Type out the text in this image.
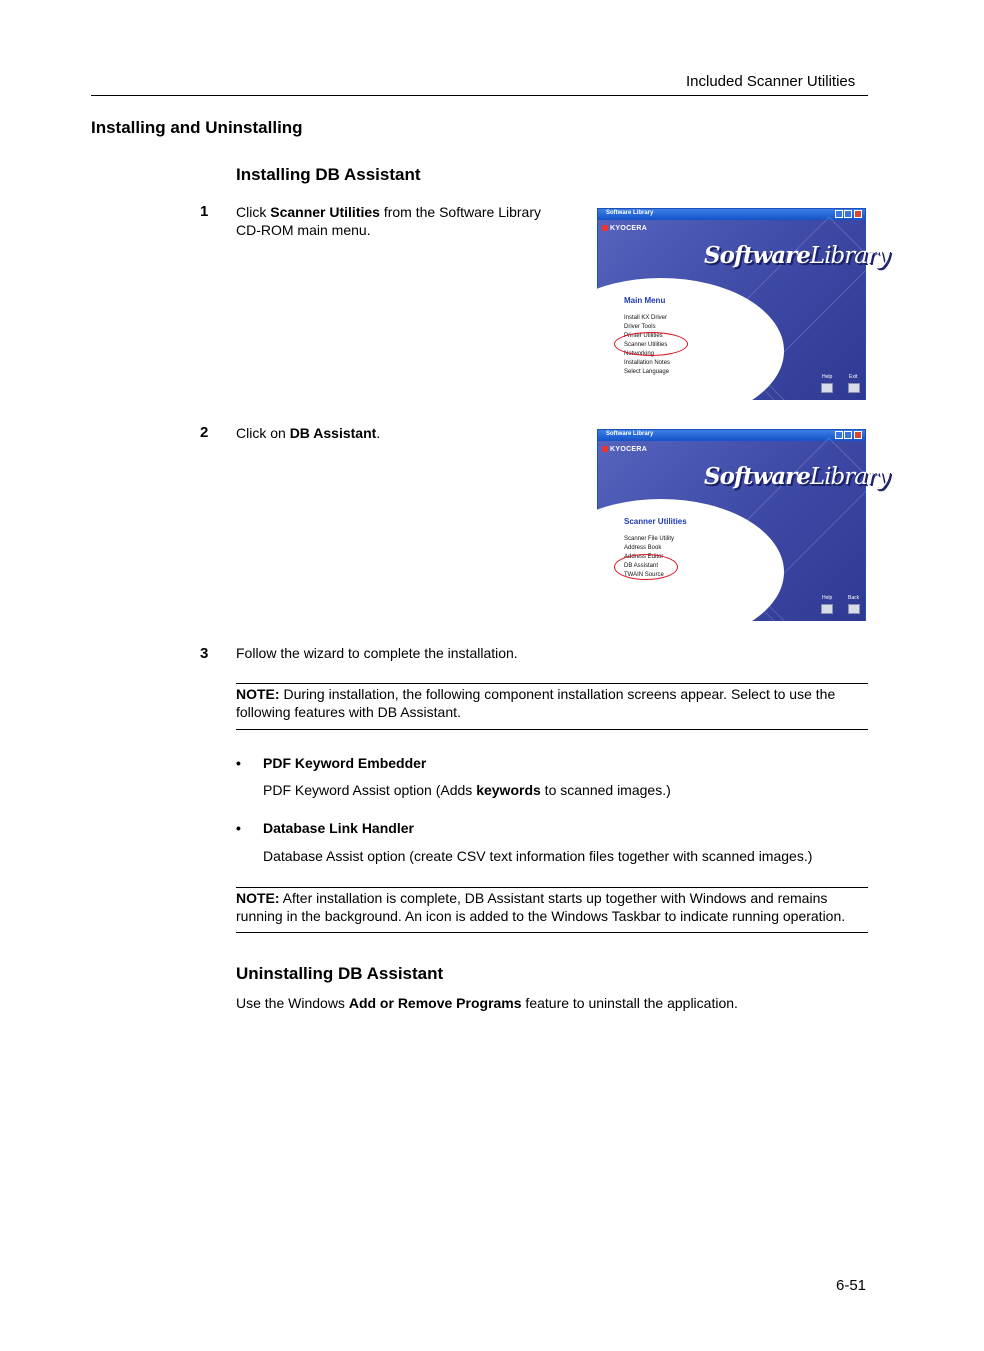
Included Scanner Utilities
Installing and Uninstalling
Installing DB Assistant
1 Click Scanner Utilities from the Software Library CD-ROM main menu.
Software Library
KYOCERA
SoftwareLibrary
Main Menu
Install KX Driver
Driver Tools
Printer Utilities
Scanner Utilities
Networking
Installation Notes
Select Language
Help	Exit
2 Click on DB Assistant.	Software Library
KYOCERA
SoftwareLibrary
Scanner Utilities
Scanner File Utility
Address Book
Address Editor
DB Assistant
TWAIN Source
Help	Back
3 Follow the wizard to complete the installation.
NOTE: During installation, the following component installation screens appear. Select to use the following features with DB Assistant.
• PDF Keyword Embedder
PDF Keyword Assist option (Adds keywords to scanned images.)
• Database Link Handler
Database Assist option (create CSV text information files together with scanned images.)
NOTE: After installation is complete, DB Assistant starts up together with Windows and remains running in the background. An icon is added to the Windows Taskbar to indicate running operation.
Uninstalling DB Assistant
Use the Windows Add or Remove Programs feature to uninstall the application.
6-51
